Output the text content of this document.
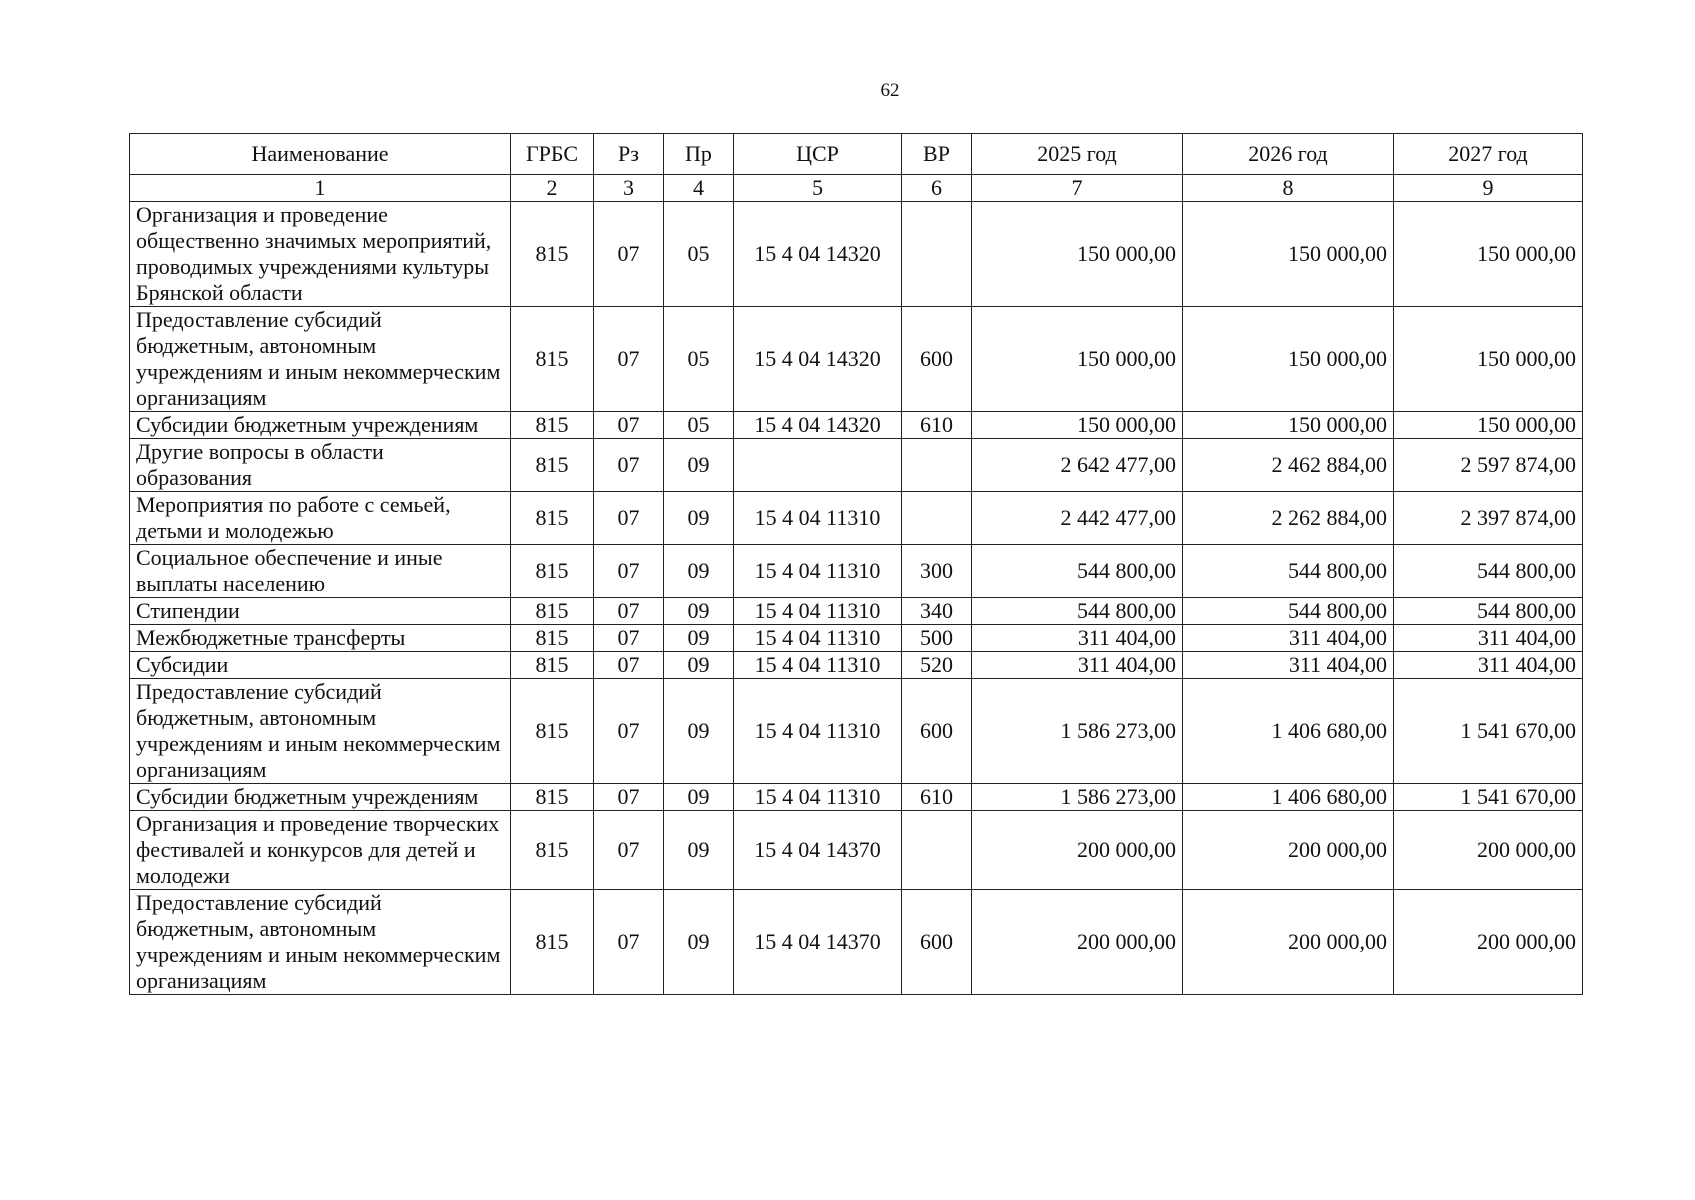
62
Наименование	ГРБС	Рз	Пр	ЦСР	ВР	2025 год	2026 год	2027 год
1	2	3	4	5	6	7	8	9
Организация и проведение общественно значимых мероприятий, проводимых учреждениями культуры Брянской области	815	07	05	15 4 04 14320		150 000,00	150 000,00	150 000,00
Предоставление субсидий бюджетным, автономным учреждениям и иным некоммерческим организациям	815	07	05	15 4 04 14320	600	150 000,00	150 000,00	150 000,00
Субсидии бюджетным учреждениям	815	07	05	15 4 04 14320	610	150 000,00	150 000,00	150 000,00
Другие вопросы в области образования	815	07	09			2 642 477,00	2 462 884,00	2 597 874,00
Мероприятия по работе с семьей, детьми и молодежью	815	07	09	15 4 04 11310		2 442 477,00	2 262 884,00	2 397 874,00
Социальное обеспечение и иные выплаты населению	815	07	09	15 4 04 11310	300	544 800,00	544 800,00	544 800,00
Стипендии	815	07	09	15 4 04 11310	340	544 800,00	544 800,00	544 800,00
Межбюджетные трансферты	815	07	09	15 4 04 11310	500	311 404,00	311 404,00	311 404,00
Субсидии	815	07	09	15 4 04 11310	520	311 404,00	311 404,00	311 404,00
Предоставление субсидий бюджетным, автономным учреждениям и иным некоммерческим организациям	815	07	09	15 4 04 11310	600	1 586 273,00	1 406 680,00	1 541 670,00
Субсидии бюджетным учреждениям	815	07	09	15 4 04 11310	610	1 586 273,00	1 406 680,00	1 541 670,00
Организация и проведение творческих фестивалей и конкурсов для детей и молодежи	815	07	09	15 4 04 14370		200 000,00	200 000,00	200 000,00
Предоставление субсидий бюджетным, автономным учреждениям и иным некоммерческим организациям	815	07	09	15 4 04 14370	600	200 000,00	200 000,00	200 000,00
